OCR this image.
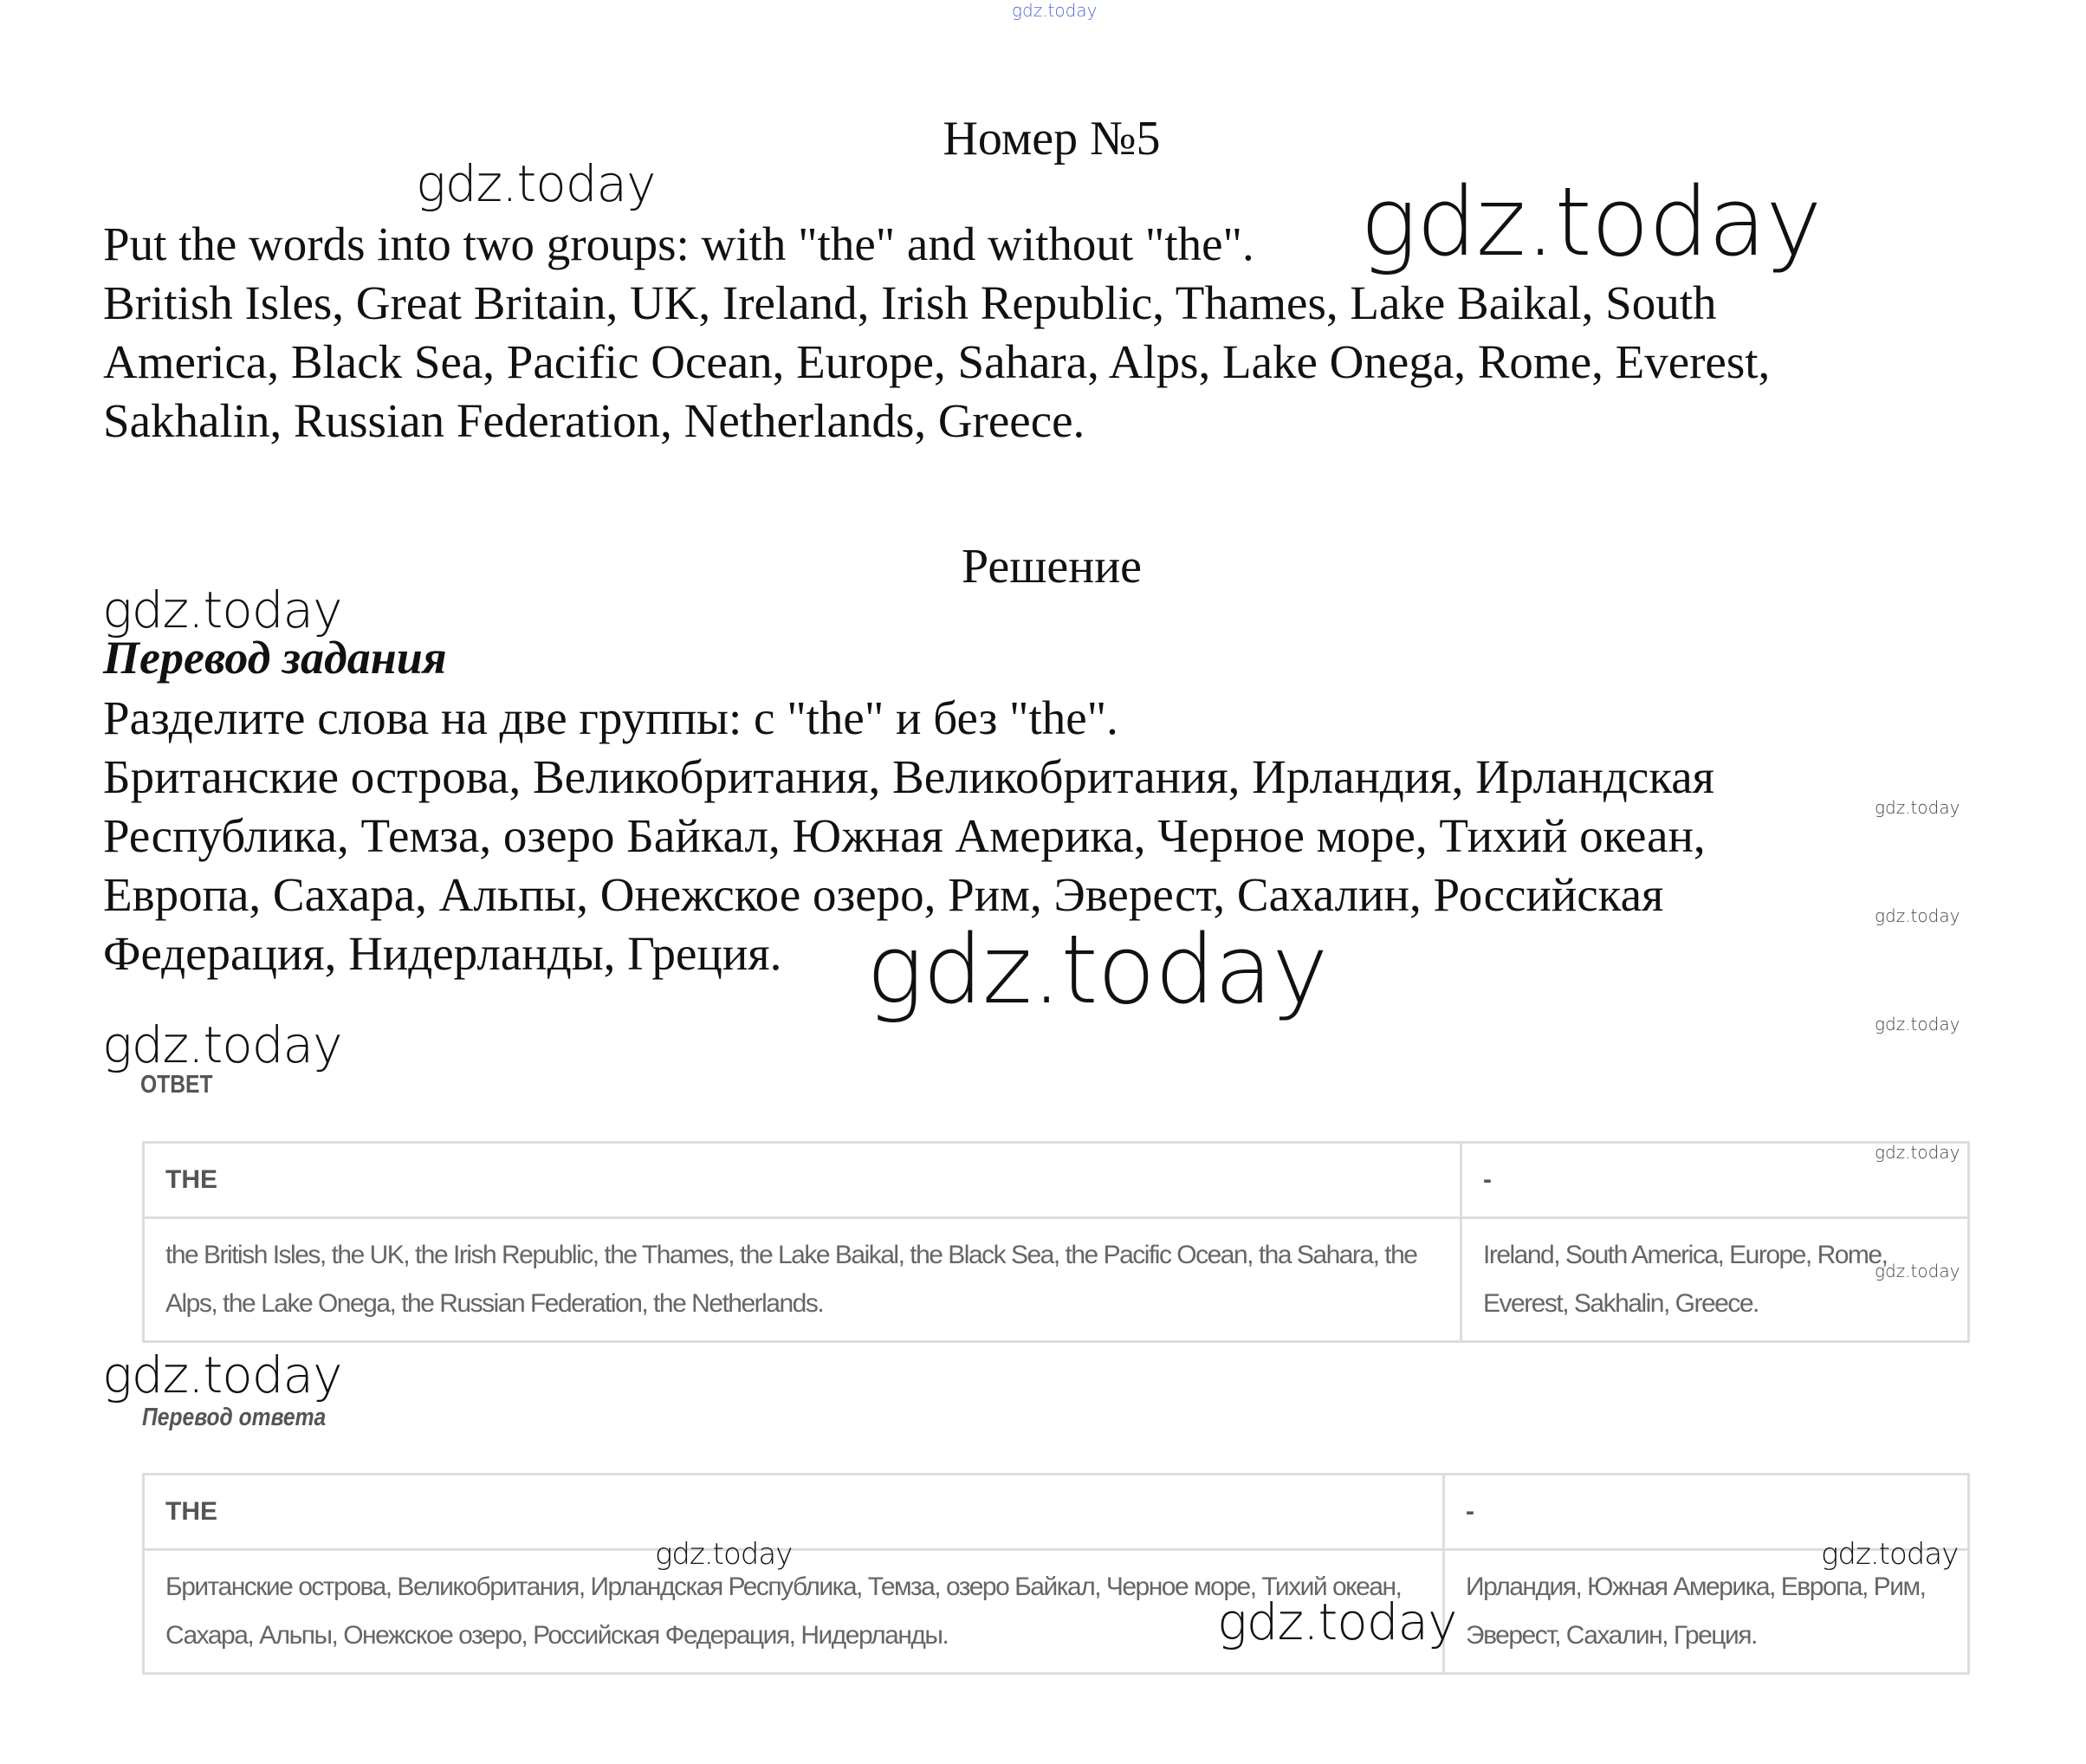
gdz.today
Номер №5
Put the words into two groups: with "the" and without "the".
British Isles, Great Britain, UK, Ireland, Irish Republic, Thames, Lake Baikal, South
America, Black Sea, Pacific Ocean, Europe, Sahara, Alps, Lake Onega, Rome, Everest,
Sakhalin, Russian Federation, Netherlands, Greece.
Решение
Перевод задания
Разделите слова на две группы: с "the" и без "the".
Британские острова, Великобритания, Великобритания, Ирландия, Ирландская
Республика, Темза, озеро Байкал, Южная Америка, Черное море, Тихий океан,
Европа, Сахара, Альпы, Онежское озеро, Рим, Эверест, Сахалин, Российская
Федерация, Нидерланды, Греция.
ОТВЕТ
THE	-
the British Isles, the UK, the Irish Republic, the Thames, the Lake Baikal, the Black Sea, the Pacific Ocean, tha Sahara, the Alps, the Lake Onega, the Russian Federation, the Netherlands.	Ireland, South America, Europe, Rome, Everest, Sakhalin, Greece.
Перевод ответа
THE	-
Британские острова, Великобритания, Ирландская Республика, Темза, озеро Байкал, Черное море, Тихий океан, Сахара, Альпы, Онежское озеро, Российская Федерация, Нидерланды.	Ирландия, Южная Америка, Европа, Рим, Эверест, Сахалин, Греция.
gdz.today	gdz.today
gdz.today
gdz.today
gdz.today
gdz.today
gdz.today
gdz.today
gdz.today
gdz.today
gdz.today
gdz.today	gdz.today
gdz.today
